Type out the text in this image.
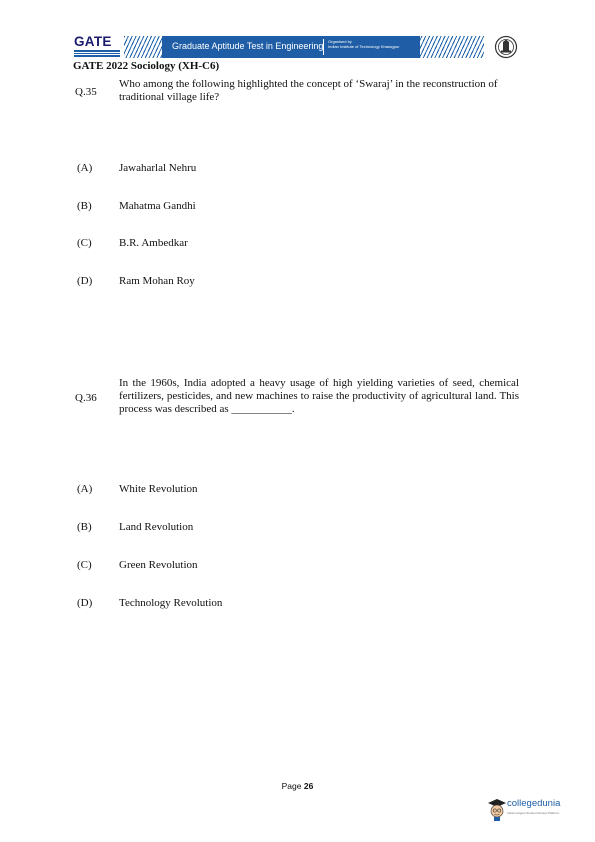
GATE	Graduate Aptitude Test in Engineering Organised by
Indian Institute of Technology Kharagpur
GATE 2022 Sociology (XH-C6)
Q.35
Who among the following highlighted the concept of ‘Swaraj’ in the reconstruction of traditional village life?
(A) Jawaharlal Nehru
(B) Mahatma Gandhi
(C) B.R. Ambedkar
(D) Ram Mohan Roy
Q.36
In the 1960s, India adopted a heavy usage of high yielding varieties of seed, chemical fertilizers, pesticides, and new machines to raise the productivity of agricultural land. This process was described as ___________.
(A) White Revolution
(B) Land Revolution
(C) Green Revolution
(D) Technology Revolution
Page 26
collegedunia
India's largest Student Review Platform
